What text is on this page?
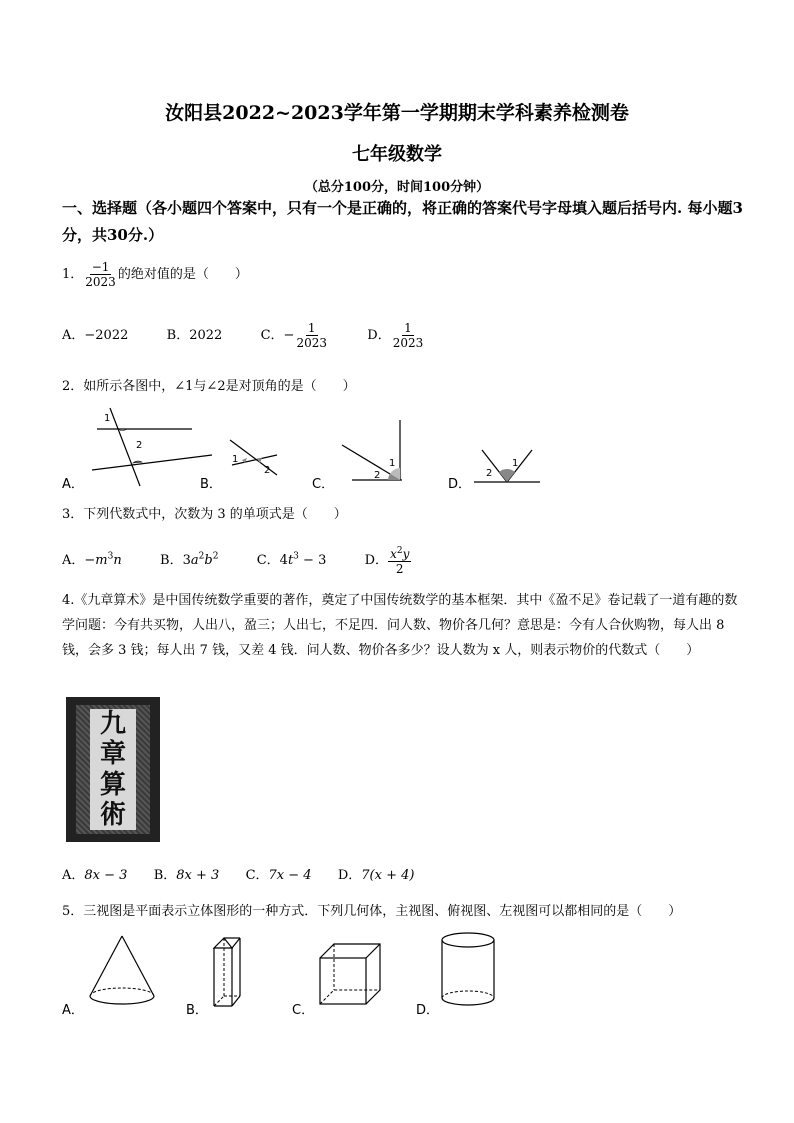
汝阳县2022~2023学年第一学期期末学科素养检测卷
七年级数学
（总分100分，时间100分钟）
一、选择题（各小题四个答案中，只有一个是正确的，将正确的答案代号字母填入题后括号内. 每小题3分，共30分.）
1． $\frac{-1}{2023}$ 的绝对值的是（　　）
A．−2022	B．2022	C．− $\frac{1}{2023}$	D． $\frac{1}{2023}$
2．如所示各图中，∠1与∠2是对顶角的是（　　）
1
2
A．
1
2
B．
1
2
C．
2
1
D．
3．下列代数式中，次数为 3 的单项式是（　　）
A．$-m^3n$	B．$3a^2b^2$	C．$4t^3 - 3$	D． $\frac{x^2y}{2}$
4.《九章算术》是中国传统数学重要的著作，奠定了中国传统数学的基本框架．其中《盈不足》卷记载了一道有趣的数学问题：今有共买物，人出八，盈三；人出七，不足四．问人数、物价各几何？意思是：今有人合伙购物，每人出 8 钱，会多 3 钱；每人出 7 钱，又差 4 钱．问人数、物价各多少？设人数为 x 人，则表示物价的代数式（　　）
九
章
算
術
A．8x − 3 B．8x + 3 C．7x − 4 D．7(x + 4)
5．三视图是平面表示立体图形的一种方式．下列几何体，主视图、俯视图、左视图可以都相同的是（　　）
A．	B．	C．	D．
